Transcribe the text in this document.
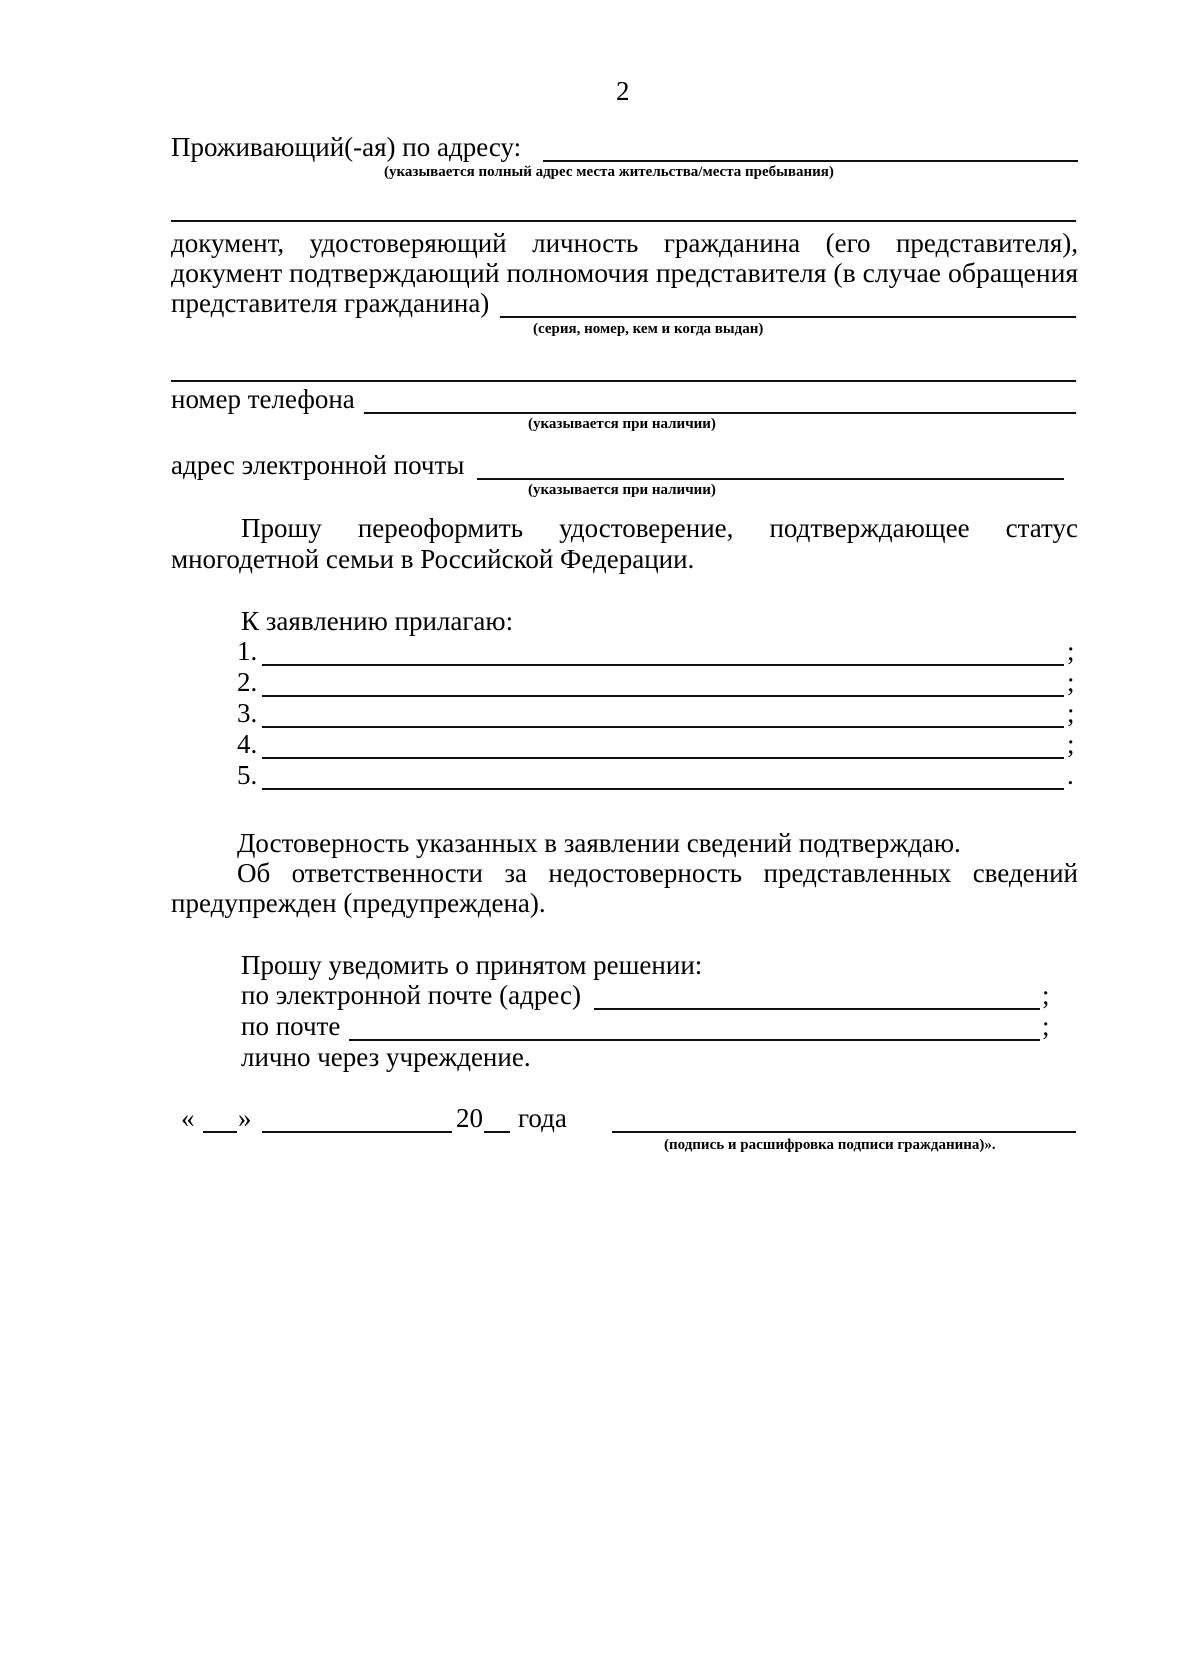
2
Проживающий(-ая) по адресу:
(указывается полный адрес места жительства/места пребывания)
документ, удостоверяющий личность гражданина (его представителя),
документ подтверждающий полномочия представителя (в случае обращения
представителя гражданина)
(серия, номер, кем и когда выдан)
номер телефона
(указывается при наличии)
адрес электронной почты
(указывается при наличии)
Прошу переоформить удостоверение, подтверждающее статус
многодетной семьи в Российской Федерации.
К заявлению прилагаю:
1.	;
2.	;
3.	;
4.	;
5.	.
Достоверность указанных в заявлении сведений подтверждаю.
Об ответственности за недостоверность представленных сведений
предупрежден (предупреждена).
Прошу уведомить о принятом решении:
по электронной почте (адрес)	;
по почте	;
лично через учреждение.
« »	20 года
(подпись и расшифровка подписи гражданина)».
